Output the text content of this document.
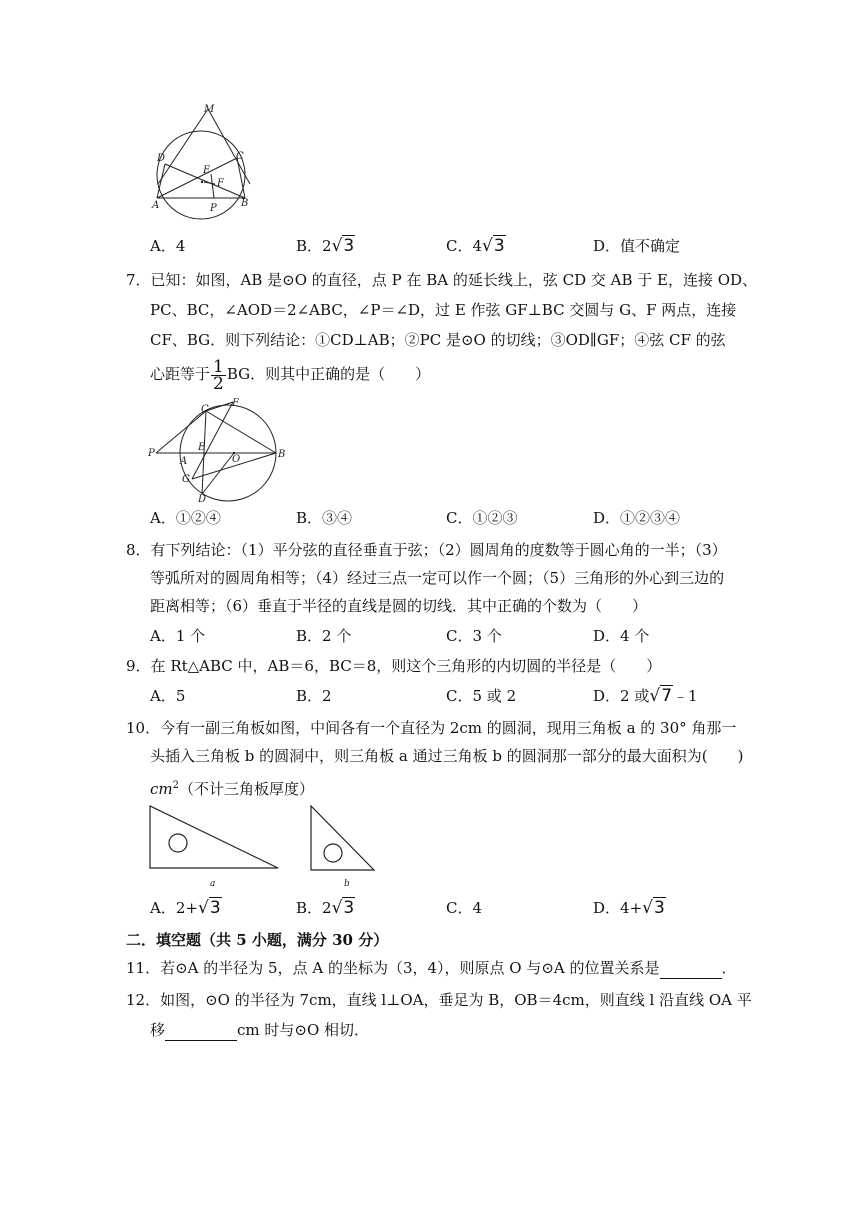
M
D	C
E
F
A	P B
A．4	B．2√3	C．4√3	D．值不确定
7．已知：如图，AB 是⊙O 的直径，点 P 在 BA 的延长线上，弦 CD 交 AB 于 E，连接 OD、
PC、BC，∠AOD＝2∠ABC，∠P＝∠D，过 E 作弦 GF⊥BC 交圆与 G、F 两点，连接
CF、BG．则下列结论：①CD⊥AB；②PC 是⊙O 的切线；③OD∥GF；④弦 CF 的弦
心距等于 $\frac{1}{2}$ BG．则其中正确的是（　　）
C
F
P
A
E
O	B
G
D
A．①②④	B．③④	C．①②③	D．①②③④
8．有下列结论：（1）平分弦的直径垂直于弦；（2）圆周角的度数等于圆心角的一半；（3）
等弧所对的圆周角相等；（4）经过三点一定可以作一个圆；（5）三角形的外心到三边的
距离相等；（6）垂直于半径的直线是圆的切线．其中正确的个数为（　　）
A．1 个	B．2 个	C．3 个	D．4 个
9．在 Rt△ABC 中，AB＝6，BC＝8，则这个三角形的内切圆的半径是（　　）
A．5	B．2	C．5 或 2	D．2 或√7﹣1
10．今有一副三角板如图，中间各有一个直径为 2cm 的圆洞，现用三角板 a 的 30° 角那一
头插入三角板 b 的圆洞中，则三角板 a 通过三角板 b 的圆洞那一部分的最大面积为(　　)
$cm^2$（不计三角板厚度）
a	b
A．2+√3	B．2√3	C．4	D．4+√3
二．填空题（共 5 小题，满分 30 分）
11．若⊙A 的半径为 5，点 A 的坐标为（3，4），则原点 O 与⊙A 的位置关系是	．
12．如图，⊙O 的半径为 7cm，直线 l⊥OA，垂足为 B，OB＝4cm，则直线 l 沿直线 OA 平
移	cm 时与⊙O 相切．
